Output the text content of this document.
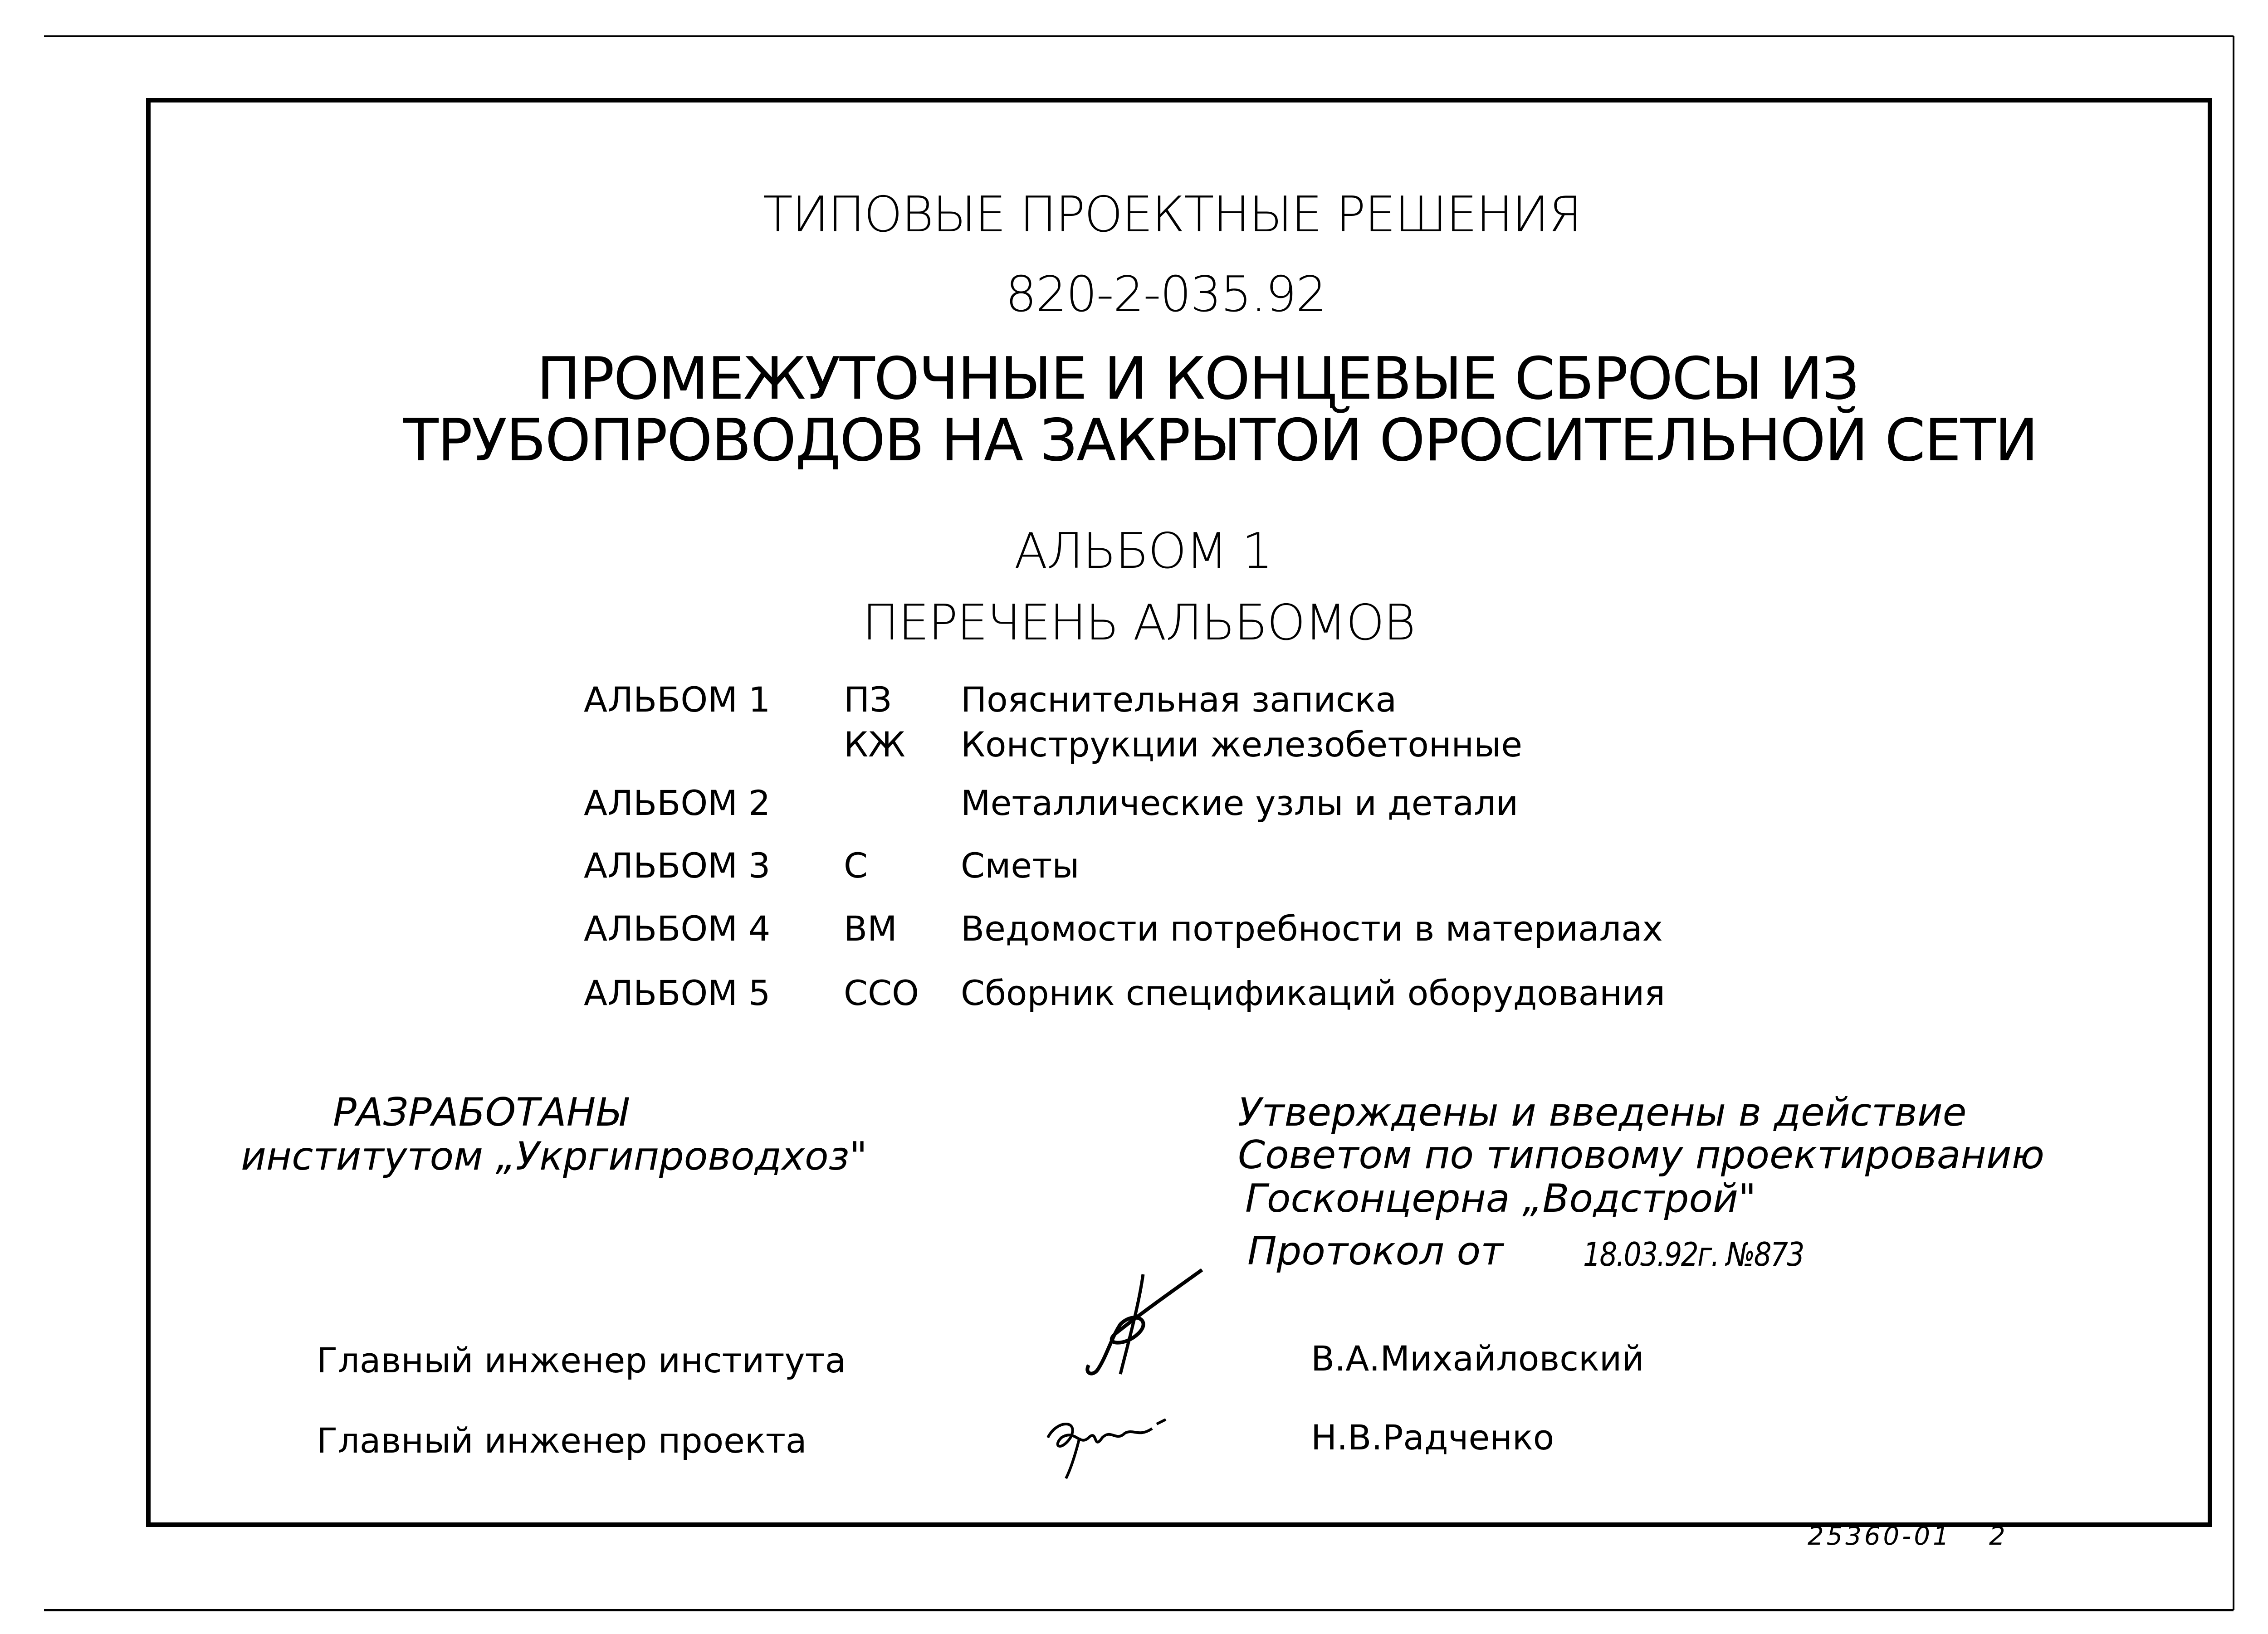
ТИПОВЫЕ ПРОЕКТНЫЕ РЕШЕНИЯ
820-2-035.92
ПРОМЕЖУТОЧНЫЕ И КОНЦЕВЫЕ СБРОСЫ ИЗ
ТРУБОПРОВОДОВ НА ЗАКРЫТОЙ ОРОСИТЕЛЬНОЙ СЕТИ
АЛЬБОМ 1
ПЕРЕЧЕНЬ АЛЬБОМОВ
АЛЬБОМ 1 ПЗ Пояснительная записка
КЖ Конструкции железобетонные
АЛЬБОМ 2	Металлические узлы и детали
АЛЬБОМ 3 С	Сметы
АЛЬБОМ 4 ВМ Ведомости потребности в материалах
АЛЬБОМ 5 ССО Сборник спецификаций оборудования
РАЗРАБОТАНЫ
институтом „Укргипроводхоз"
Утверждены и введены в действие
Советом по типовому проектированию
Госконцерна „Водстрой"
Протокол от 18.03.92г. №873
Главный инженер института	В.А.Михайловский
Главный инженер проекта	Н.В.Радченко
25360-01 2
